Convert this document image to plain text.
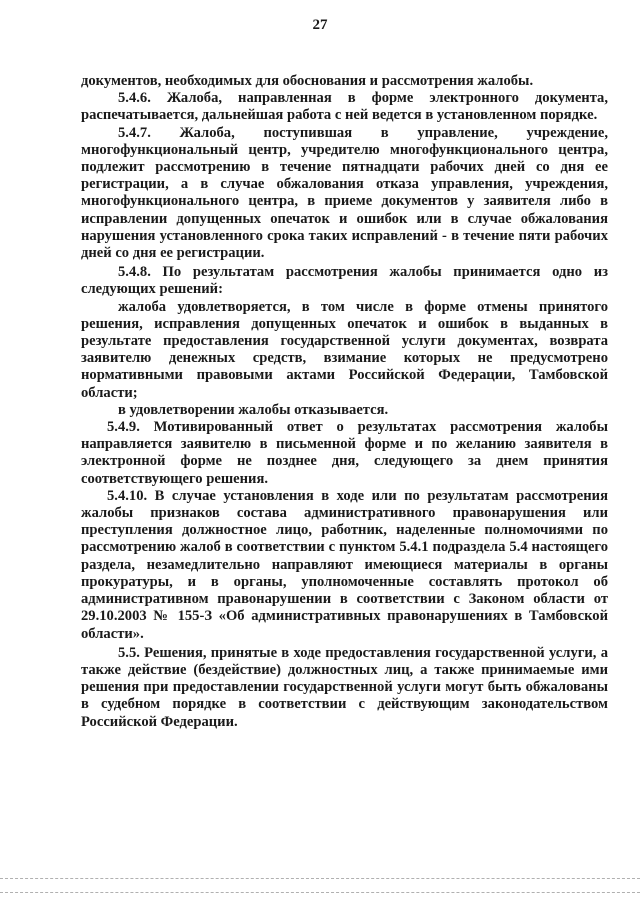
27

документов, необходимых для обоснования и рассмотрения жалобы.

5.4.6. Жалоба, направленная в форме электронного документа, распечатывается, дальнейшая работа с ней ведется в установленном порядке.

5.4.7. Жалоба, поступившая в управление, учреждение, многофункциональный центр, учредителю многофункционального центра, подлежит рассмотрению в течение пятнадцати рабочих дней со дня ее регистрации, а в случае обжалования отказа управления, учреждения, многофункционального центра, в приеме документов у заявителя либо в исправлении допущенных опечаток и ошибок или в случае обжалования нарушения установленного срока таких исправлений - в течение пяти рабочих дней со дня ее регистрации.

5.4.8. По результатам рассмотрения жалобы принимается одно из следующих решений:

жалоба удовлетворяется, в том числе в форме отмены принятого решения, исправления допущенных опечаток и ошибок в выданных в результате предоставления государственной услуги документах, возврата заявителю денежных средств, взимание которых не предусмотрено нормативными правовыми актами Российской Федерации, Тамбовской области;

в удовлетворении жалобы отказывается.

5.4.9. Мотивированный ответ о результатах рассмотрения жалобы направляется заявителю в письменной форме и по желанию заявителя в электронной форме не позднее дня, следующего за днем принятия соответствующего решения.

5.4.10. В случае установления в ходе или по результатам рассмотрения жалобы признаков состава административного правонарушения или преступления должностное лицо, работник, наделенные полномочиями по рассмотрению жалоб в соответствии с пунктом 5.4.1 подраздела 5.4 настоящего раздела, незамедлительно направляют имеющиеся материалы в органы прокуратуры, и в органы, уполномоченные составлять протокол об административном правонарушении в соответствии с Законом области от 29.10.2003 № 155-З «Об административных правонарушениях в Тамбовской области».

5.5. Решения, принятые в ходе предоставления государственной услуги, а также действие (бездействие) должностных лиц, а также принимаемые ими решения при предоставлении государственной услуги могут быть обжалованы в судебном порядке в соответствии с действующим законодательством Российской Федерации.
